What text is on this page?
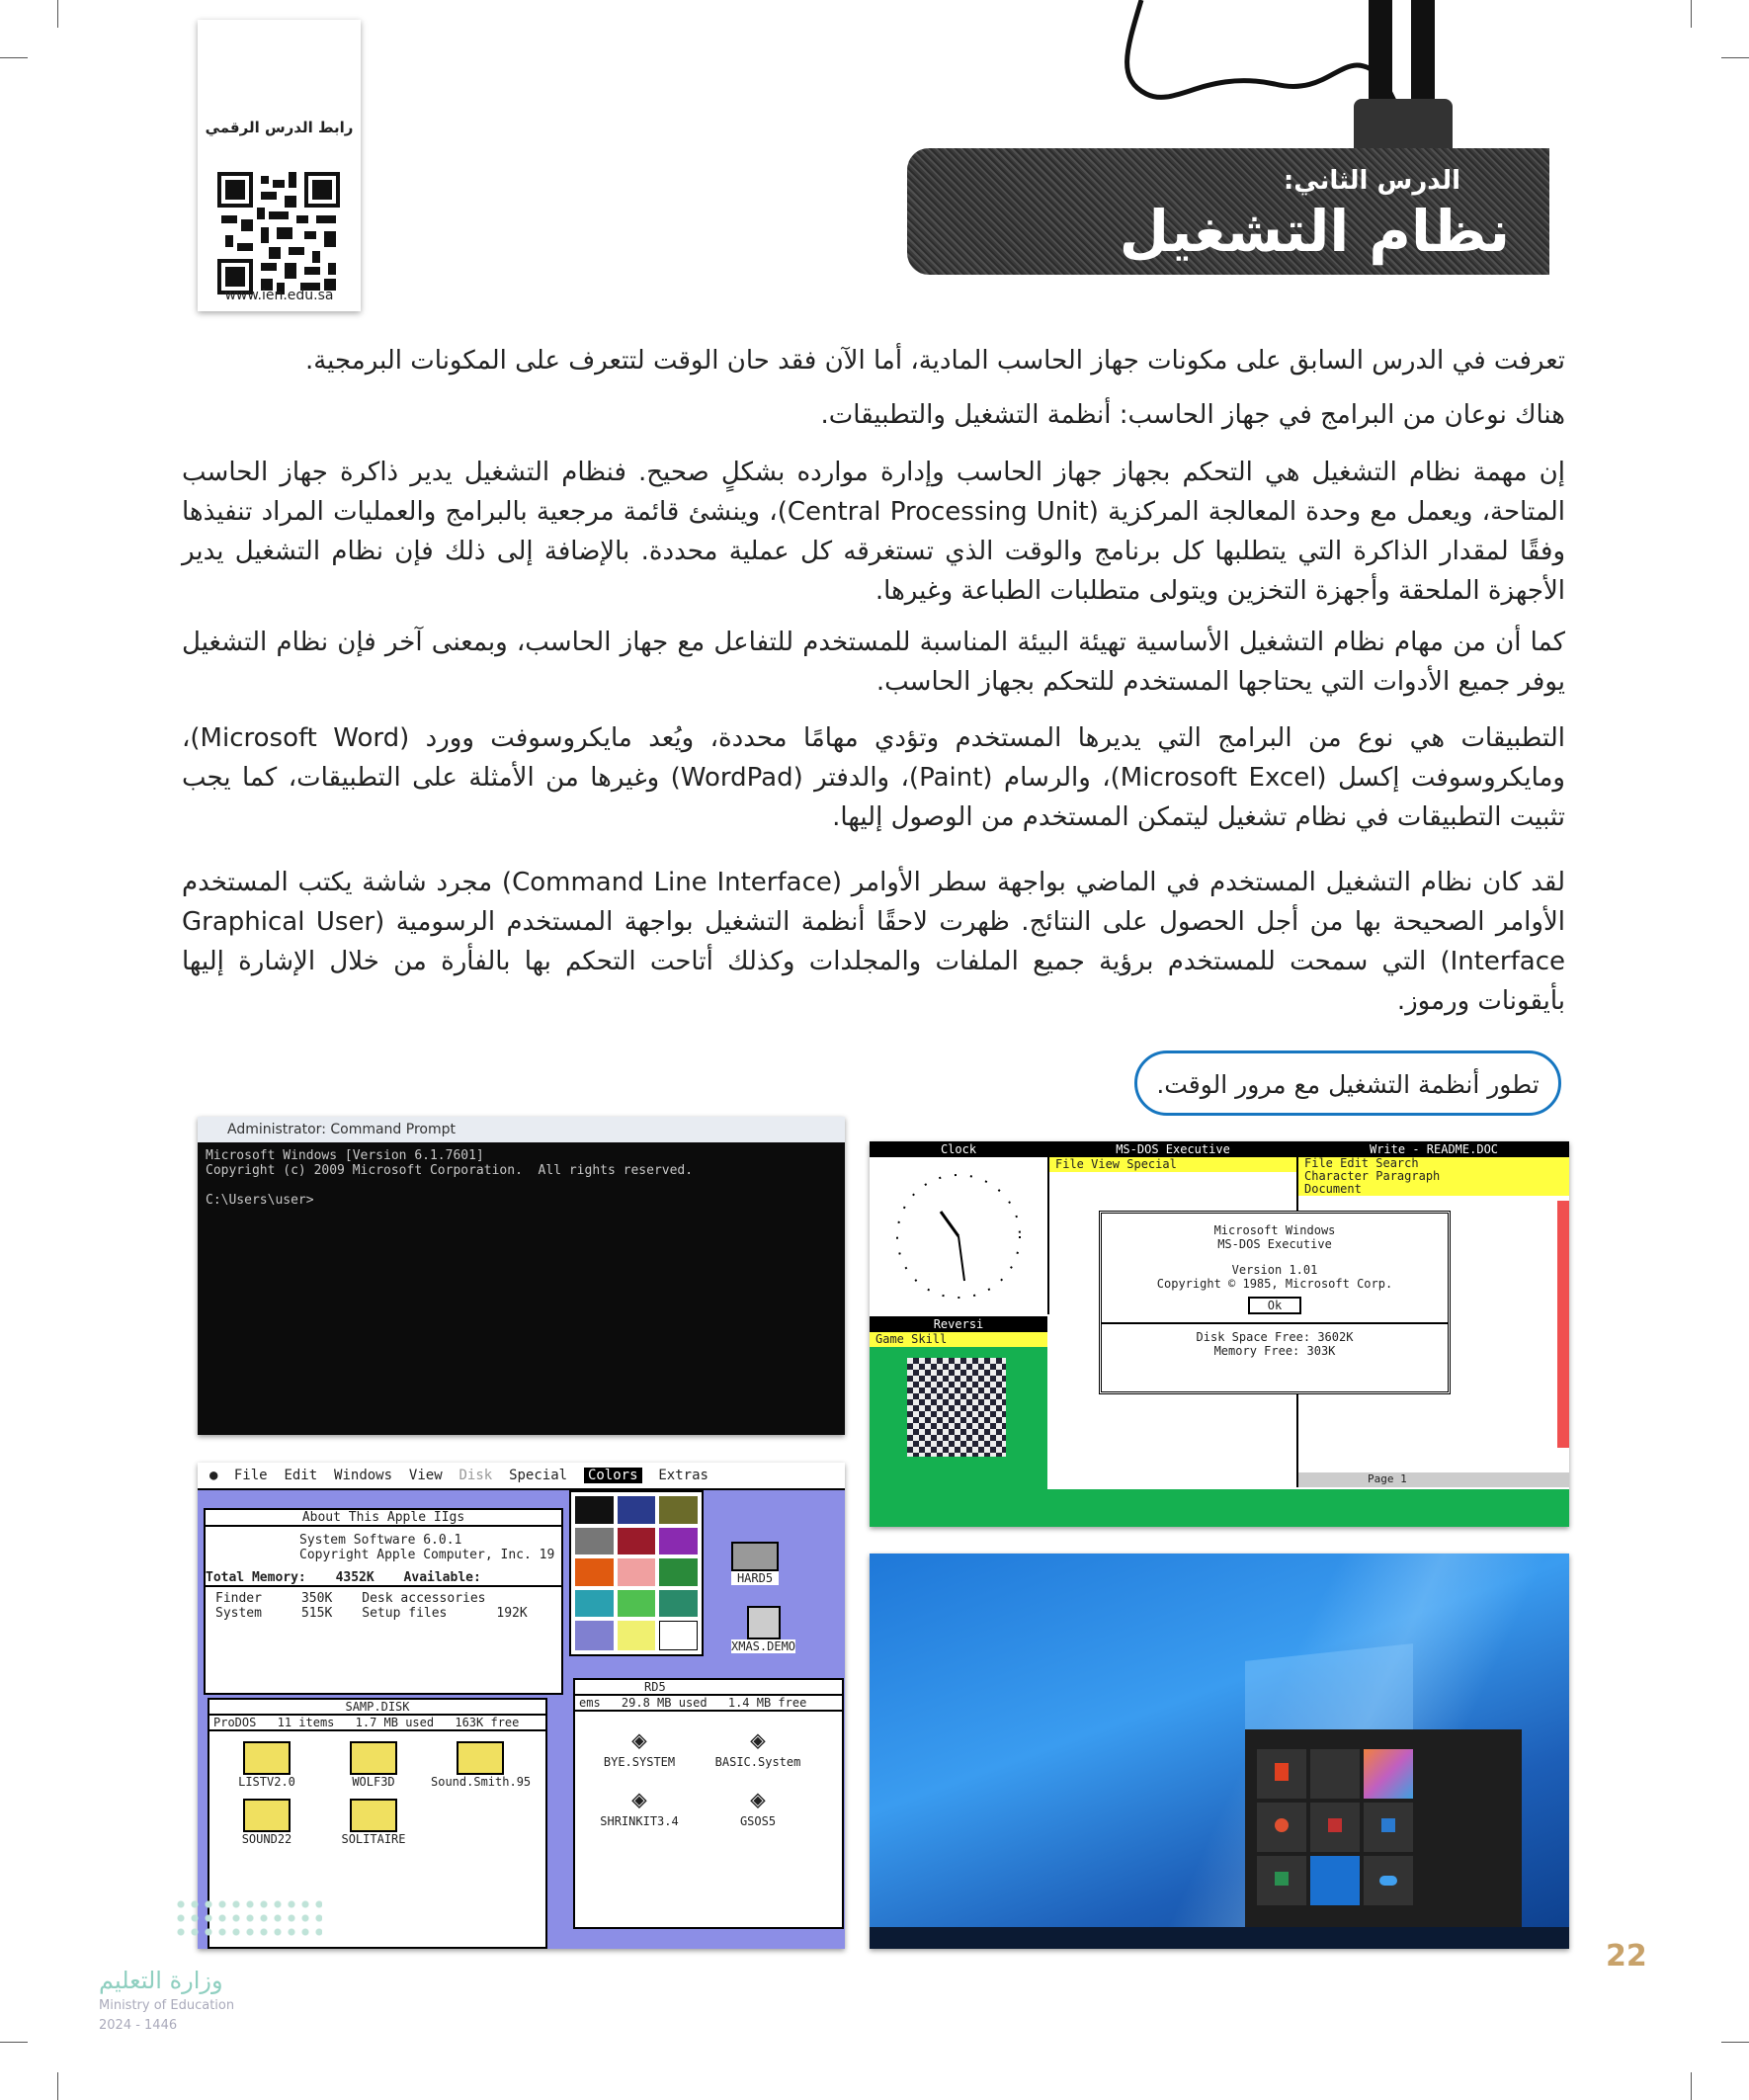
رابط الدرس الرقمي
www.ien.edu.sa
الدرس الثاني:
نظام التشغيل

تعرفت في الدرس السابق على مكونات جهاز الحاسب المادية، أما الآن فقد حان الوقت لتتعرف على المكونات البرمجية.

هناك نوعان من البرامج في جهاز الحاسب: أنظمة التشغيل والتطبيقات.

إن مهمة نظام التشغيل هي التحكم بجهاز جهاز الحاسب وإدارة موارده بشكلٍ صحيح. فنظام التشغيل يدير ذاكرة جهاز الحاسب المتاحة، ويعمل مع وحدة المعالجة المركزية (Central Processing Unit)، وينشئ قائمة مرجعية بالبرامج والعمليات المراد تنفيذها وفقًا لمقدار الذاكرة التي يتطلبها كل برنامج والوقت الذي تستغرقه كل عملية محددة. بالإضافة إلى ذلك فإن نظام التشغيل يدير الأجهزة الملحقة وأجهزة التخزين ويتولى متطلبات الطباعة وغيرها.

كما أن من مهام نظام التشغيل الأساسية تهيئة البيئة المناسبة للمستخدم للتفاعل مع جهاز الحاسب، وبمعنى آخر فإن نظام التشغيل يوفر جميع الأدوات التي يحتاجها المستخدم للتحكم بجهاز الحاسب.

التطبيقات هي نوع من البرامج التي يديرها المستخدم وتؤدي مهامًا محددة، ويُعد مايكروسوفت وورد (Microsoft Word)، ومايكروسوفت إكسل (Microsoft Excel)، والرسام (Paint)، والدفتر (WordPad) وغيرها من الأمثلة على التطبيقات، كما يجب تثبيت التطبيقات في نظام تشغيل ليتمكن المستخدم من الوصول إليها.

لقد كان نظام التشغيل المستخدم في الماضي بواجهة سطر الأوامر (Command Line Interface) مجرد شاشة يكتب المستخدم الأوامر الصحيحة بها من أجل الحصول على النتائج. ظهرت لاحقًا أنظمة التشغيل بواجهة المستخدم الرسومية (Graphical User Interface) التي سمحت للمستخدم برؤية جميع الملفات والمجلدات وكذلك أتاحت التحكم بها بالفأرة من خلال الإشارة إليها بأيقونات ورموز.

تطور أنظمة التشغيل مع مرور الوقت.
Administrator: Command Prompt
Microsoft Windows [Version 6.1.7601]
Copyright (c) 2009 Microsoft Corporation.  All rights reserved.

C:\Users\user>
Clock
Reversi
Game Skill
MS-DOS Executive
File View Special
Write - README.DOC
File Edit Search
Character Paragraph
Document
Microsoft Windows
MS-DOS Executive
Version 1.01
Copyright © 1985, Microsoft Corp.
Ok
Disk Space Free: 3602K
Memory Free: 303K
Page 1
● File Edit Windows View Disk Special Colors Extras
About This Apple IIgs
System Software 6.0.1
Copyright Apple Computer, Inc. 19
Total Memory: 4352K Available:
Finder	350K Desk accessories
System	515K Setup files	192K
SAMP.DISK
ProDOS 11 items 1.7 MB used 163K free
LISTV2.0	WOLF3D	Sound.Smith.95
SOUND22	SOLITAIRE
RD5
ems 29.8 MB used 1.4 MB free
◈
BYE.SYSTEM
◈
BASIC.System
◈
SHRINKIT3.4
◈
GSOS5
HARD5
XMAS.DEMO
22
وزارة التعليم
Ministry of Education
2024 - 1446
